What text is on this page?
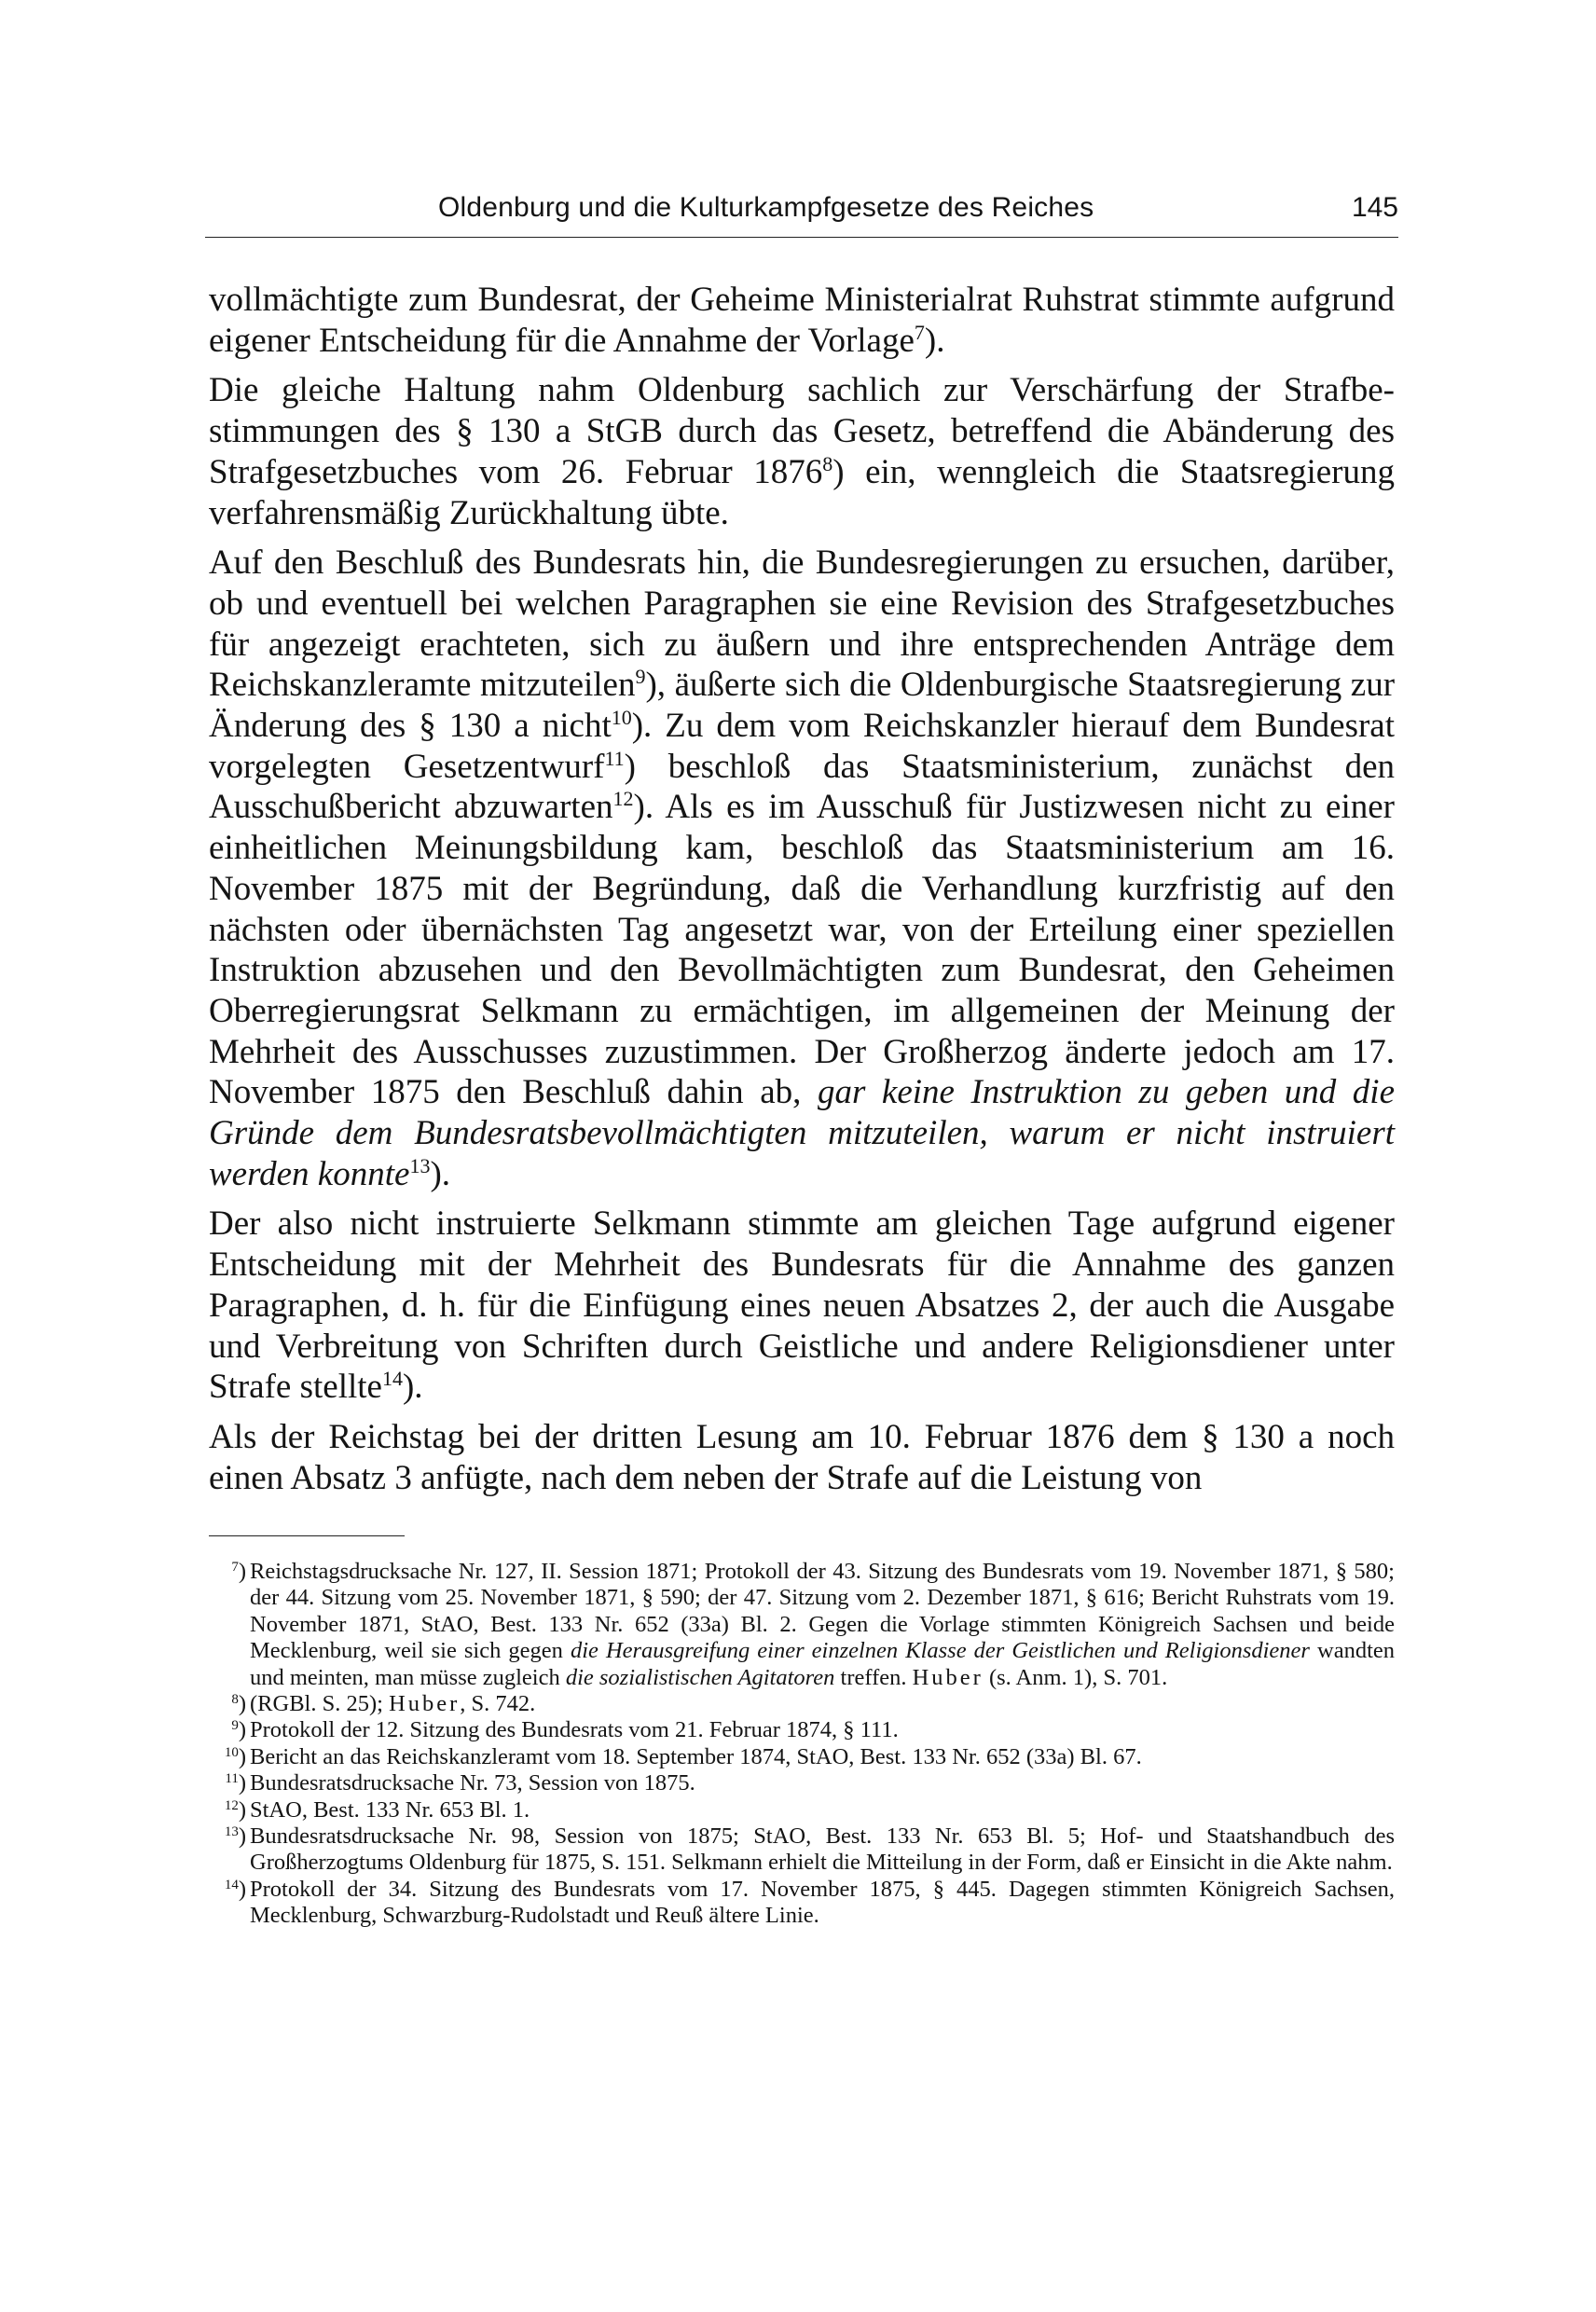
Oldenburg und die Kulturkampfgesetze des Reiches	145

vollmächtigte zum Bundesrat, der Geheime Ministerialrat Ruhstrat stimmte aufgrund eigener Entscheidung für die Annahme der Vorlage$^7$).

Die gleiche Haltung nahm Oldenburg sachlich zur Verschärfung der Strafbestimmungen des § 130 a StGB durch das Gesetz, betreffend die Abänderung des Strafgesetzbuches vom 26. Februar 1876$^8$) ein, wenngleich die Staatsregierung verfahrensmäßig Zurückhaltung übte.

Auf den Beschluß des Bundesrats hin, die Bundesregierungen zu ersuchen, darüber, ob und eventuell bei welchen Paragraphen sie eine Revision des Strafgesetzbuches für angezeigt erachteten, sich zu äußern und ihre entsprechenden Anträge dem Reichskanzleramte mitzuteilen$^9$), äußerte sich die Oldenburgische Staatsregierung zur Änderung des § 130 a nicht$^{10}$). Zu dem vom Reichskanzler hierauf dem Bundesrat vorgelegten Gesetzentwurf$^{11}$) beschloß das Staatsministerium, zunächst den Ausschußbericht abzuwarten$^{12}$). Als es im Ausschuß für Justizwesen nicht zu einer einheitlichen Meinungsbildung kam, beschloß das Staatsministerium am 16. November 1875 mit der Begründung, daß die Verhandlung kurzfristig auf den nächsten oder übernächsten Tag angesetzt war, von der Erteilung einer speziellen Instruktion abzusehen und den Bevollmächtigten zum Bundesrat, den Geheimen Oberregierungsrat Selkmann zu ermächtigen, im allgemeinen der Meinung der Mehrheit des Ausschusses zuzustimmen. Der Großherzog änderte jedoch am 17. November 1875 den Beschluß dahin ab, gar keine Instruktion zu geben und die Gründe dem Bundesratsbevollmächtigten mitzuteilen, warum er nicht instruiert werden konnte$^{13}$).

Der also nicht instruierte Selkmann stimmte am gleichen Tage aufgrund eigener Entscheidung mit der Mehrheit des Bundesrats für die Annahme des ganzen Paragraphen, d. h. für die Einfügung eines neuen Absatzes 2, der auch die Ausgabe und Verbreitung von Schriften durch Geistliche und andere Religionsdiener unter Strafe stellte$^{14}$).

Als der Reichstag bei der dritten Lesung am 10. Februar 1876 dem § 130 a noch einen Absatz 3 anfügte, nach dem neben der Strafe auf die Leistung von

$^7$) Reichstagsdrucksache Nr. 127, II. Session 1871; Protokoll der 43. Sitzung des Bundesrats vom 19. November 1871, § 580; der 44. Sitzung vom 25. November 1871, § 590; der 47. Sitzung vom 2. Dezember 1871, § 616; Bericht Ruhstrats vom 19. November 1871, StAO, Best. 133 Nr. 652 (33a) Bl. 2. Gegen die Vorlage stimmten Königreich Sachsen und beide Mecklenburg, weil sie sich gegen die Herausgreifung einer einzelnen Klasse der Geistlichen und Religionsdiener wandten und meinten, man müsse zugleich die sozialistischen Agitatoren treffen. Huber (s. Anm. 1), S. 701.
$^8$) (RGBl. S. 25); Huber, S. 742.
$^9$) Protokoll der 12. Sitzung des Bundesrats vom 21. Februar 1874, § 111.
$^{10}$) Bericht an das Reichskanzleramt vom 18. September 1874, StAO, Best. 133 Nr. 652 (33a) Bl. 67.
$^{11}$) Bundesratsdrucksache Nr. 73, Session von 1875.
$^{12}$) StAO, Best. 133 Nr. 653 Bl. 1.
$^{13}$) Bundesratsdrucksache Nr. 98, Session von 1875; StAO, Best. 133 Nr. 653 Bl. 5; Hof- und Staatshandbuch des Großherzogtums Oldenburg für 1875, S. 151. Selkmann erhielt die Mitteilung in der Form, daß er Einsicht in die Akte nahm.
$^{14}$) Protokoll der 34. Sitzung des Bundesrats vom 17. November 1875, § 445. Dagegen stimmten Königreich Sachsen, Mecklenburg, Schwarzburg-Rudolstadt und Reuß ältere Linie.
